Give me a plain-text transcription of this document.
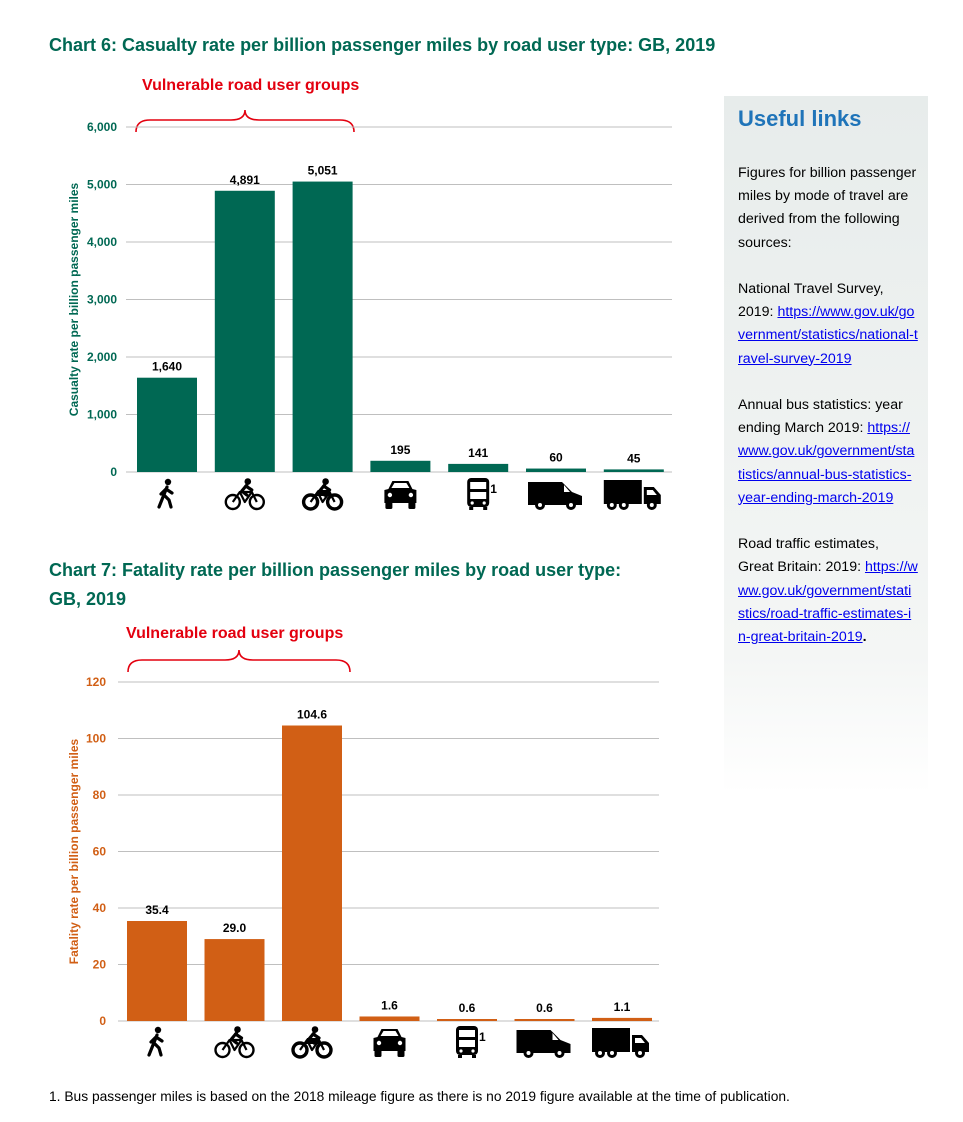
Chart 6: Casualty rate per billion passenger miles by road user type: GB, 2019
Vulnerable road user groups
0
1,000
2,000
3,000
4,000
5,000
6,000
Casualty rate per billion passenger miles	1,640
4,891
5,051
195	141
1
60	45
Chart 7: Fatality rate per billion passenger miles by road user type:
GB, 2019
Vulnerable road user groups
0
20
40
60
80
100
120
Fatality rate per billion passenger miles	35.4
29.0
104.6
1.6	0.6
1
0.6	1.1
Useful links

Figures for billion passenger miles by mode of travel are derived from the following sources:

National Travel Survey, 2019: https://www.gov.uk/government/statistics/national-travel-survey-2019

Annual bus statistics: year ending March 2019: https://www.gov.uk/government/statistics/annual-bus-statistics-year-ending-march-2019

Road traffic estimates, Great Britain: 2019: https://www.gov.uk/government/statistics/road-traffic-estimates-in-great-britain-2019.

1. Bus passenger miles is based on the 2018 mileage figure as there is no 2019 figure available at the time of publication.
